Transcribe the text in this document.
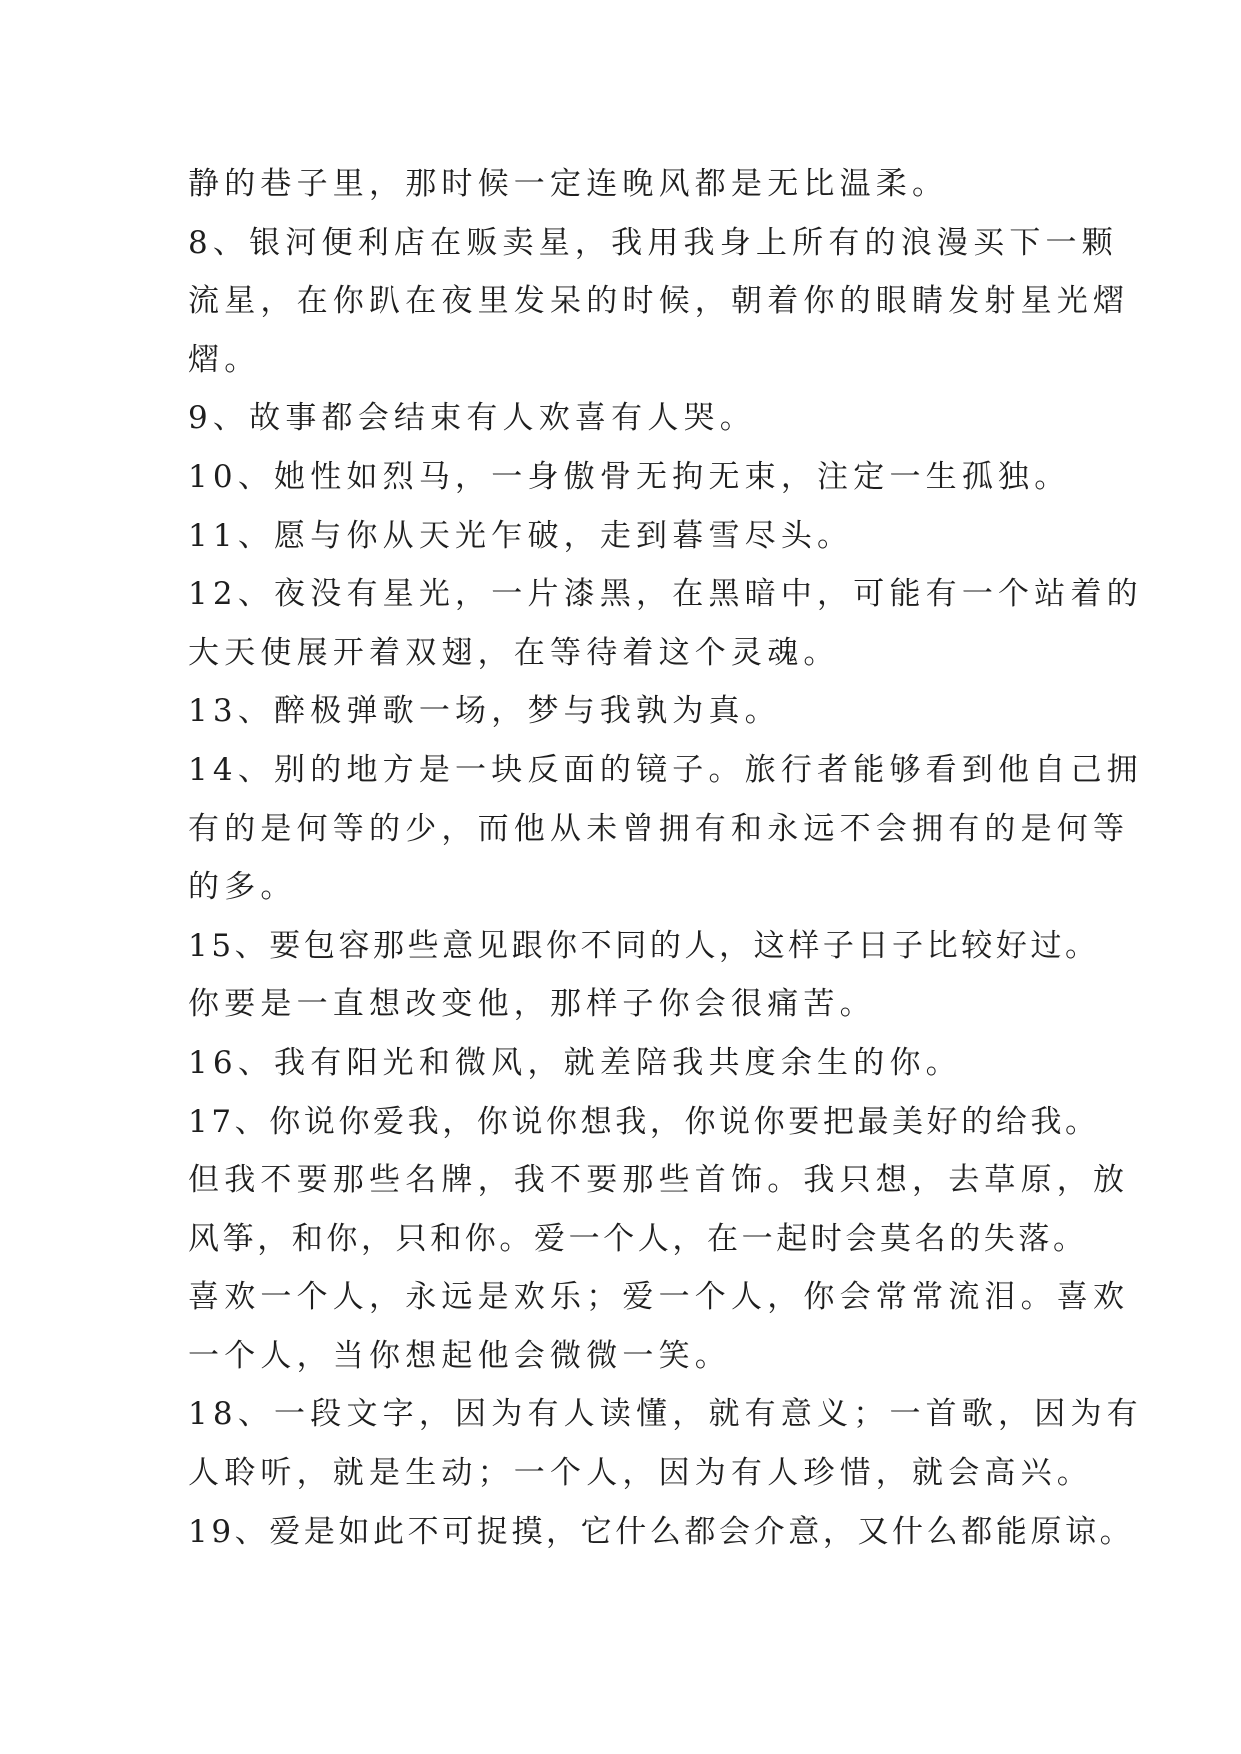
静的巷子里，那时候一定连晚风都是无比温柔。
8、银河便利店在贩卖星，我用我身上所有的浪漫买下一颗
流星，在你趴在夜里发呆的时候，朝着你的眼睛发射星光熠
熠。
9、故事都会结束有人欢喜有人哭。
10、她性如烈马，一身傲骨无拘无束，注定一生孤独。
11、愿与你从天光乍破，走到暮雪尽头。
12、夜没有星光，一片漆黑，在黑暗中，可能有一个站着的
大天使展开着双翅，在等待着这个灵魂。
13、醉极弹歌一场，梦与我孰为真。
14、别的地方是一块反面的镜子。旅行者能够看到他自己拥
有的是何等的少，而他从未曾拥有和永远不会拥有的是何等
的多。
15、要包容那些意见跟你不同的人，这样子日子比较好过。
你要是一直想改变他，那样子你会很痛苦。
16、我有阳光和微风，就差陪我共度余生的你。
17、你说你爱我，你说你想我，你说你要把最美好的给我。
但我不要那些名牌，我不要那些首饰。我只想，去草原，放
风筝，和你，只和你。爱一个人，在一起时会莫名的失落。
喜欢一个人，永远是欢乐；爱一个人，你会常常流泪。喜欢
一个人，当你想起他会微微一笑。
18、一段文字，因为有人读懂，就有意义；一首歌，因为有
人聆听，就是生动；一个人，因为有人珍惜，就会高兴。
19、爱是如此不可捉摸，它什么都会介意，又什么都能原谅。
